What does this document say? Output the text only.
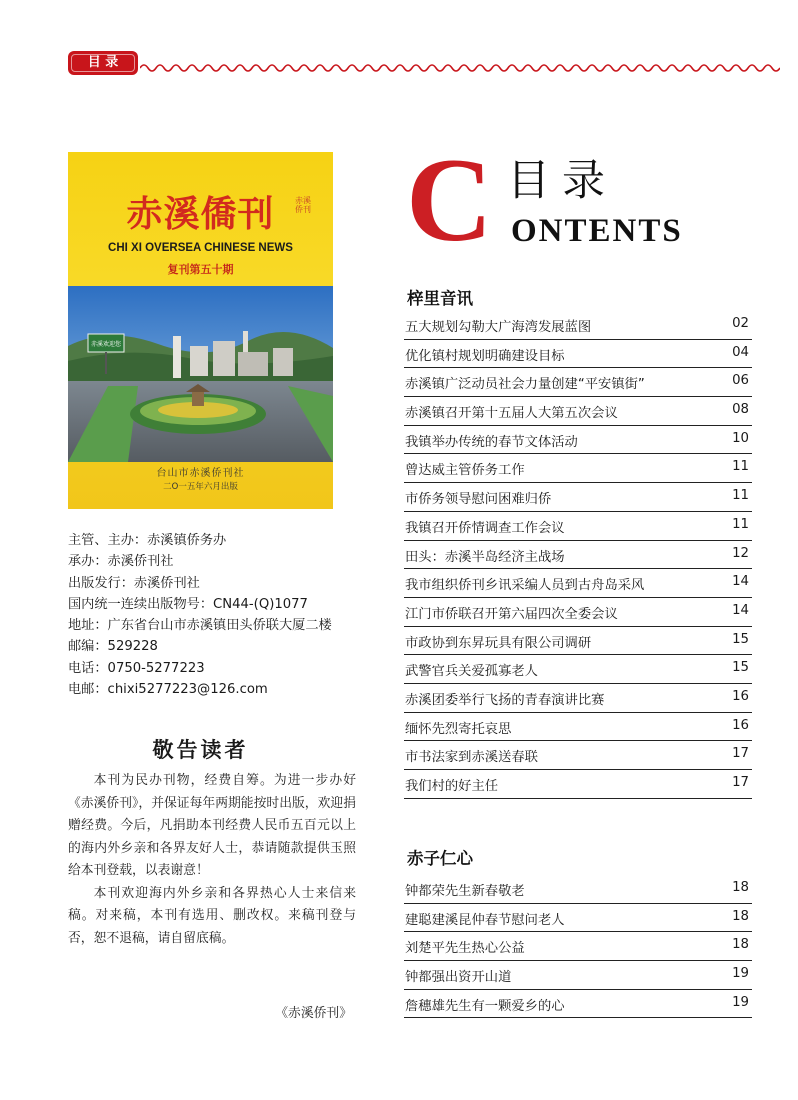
目 录
赤溪僑刊	赤溪侨刊
CHI XI OVERSEA CHINESE NEWS
复刊第五十期
赤溪欢迎您
台山市赤溪侨刊社
二O一五年六月出版
主管、主办：赤溪镇侨务办
承办：赤溪侨刊社
出版发行：赤溪侨刊社
国内统一连续出版物号：CN44-(Q)1077
地址：广东省台山市赤溪镇田头侨联大厦二楼
邮编：529228
电话：0750-5277223
电邮：chixi5277223@126.com
敬告读者

本刊为民办刊物，经费自筹。为进一步办好《赤溪侨刊》，并保证每年两期能按时出版，欢迎捐赠经费。今后，凡捐助本刊经费人民币五百元以上的海内外乡亲和各界友好人士，恭请随款提供玉照给本刊登载，以表谢意！

本刊欢迎海内外乡亲和各界热心人士来信来稿。对来稿，本刊有选用、删改权。来稿刊登与否，恕不退稿，请自留底稿。

《赤溪侨刊》
C 目录
ONTENTS
梓里音讯
五大规划勾勒大广海湾发展蓝图	02
优化镇村规划明确建设目标	04
赤溪镇广泛动员社会力量创建“平安镇街”	06
赤溪镇召开第十五届人大第五次会议	08
我镇举办传统的春节文体活动	10
曾达威主管侨务工作	11
市侨务领导慰问困难归侨	11
我镇召开侨情调查工作会议	11
田头：赤溪半岛经济主战场	12
我市组织侨刊乡讯采编人员到古舟岛采风	14
江门市侨联召开第六届四次全委会议	14
市政协到东昇玩具有限公司调研	15
武警官兵关爱孤寡老人	15
赤溪团委举行飞扬的青春演讲比赛	16
缅怀先烈寄托哀思	16
市书法家到赤溪送春联	17
我们村的好主任	17
赤子仁心
钟都荣先生新春敬老	18
建聪建溪昆仲春节慰问老人	18
刘楚平先生热心公益	18
钟都强出资开山道	19
詹穗雄先生有一颗爱乡的心	19
